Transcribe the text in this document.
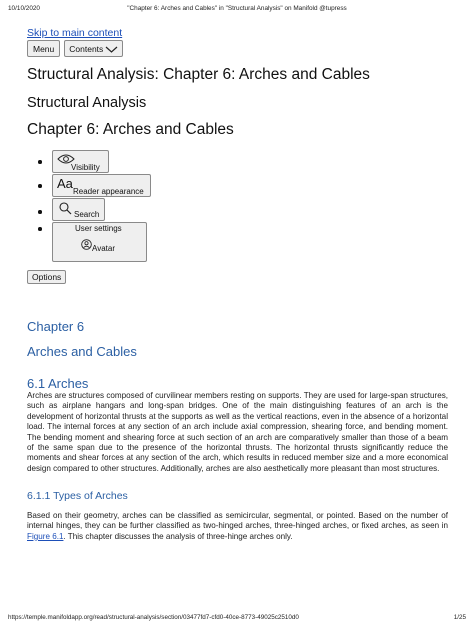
10/10/2020	"Chapter 6: Arches and Cables" in "Structural Analysis" on Manifold @tupress
Skip to main content
Menu	Contents
Structural Analysis: Chapter 6: Arches and Cables
Structural Analysis
Chapter 6: Arches and Cables
Visibility
Aa
Reader appearance
Search
User settings
Avatar
Options
Chapter 6
Arches and Cables
6.1 Arches

Arches are structures composed of curvilinear members resting on supports. They are used for large-span structures, such as airplane hangars and long-span bridges. One of the main distinguishing features of an arch is the development of horizontal thrusts at the supports as well as the vertical reactions, even in the absence of a horizontal load. The internal forces at any section of an arch include axial compression, shearing force, and bending moment. The bending moment and shearing force at such section of an arch are comparatively smaller than those of a beam of the same span due to the presence of the horizontal thrusts. The horizontal thrusts significantly reduce the moments and shear forces at any section of the arch, which results in reduced member size and a more economical design compared to other structures. Additionally, arches are also aesthetically more pleasant than most structures.

6.1.1 Types of Arches

Based on their geometry, arches can be classified as semicircular, segmental, or pointed. Based on the number of internal hinges, they can be further classified as two-hinged arches, three-hinged arches, or fixed arches, as seen in Figure 6.1. This chapter discusses the analysis of three-hinge arches only.

https://temple.manifoldapp.org/read/structural-analysis/section/03477fd7-cfd0-40ce-8773-49025c2510d0	1/25
